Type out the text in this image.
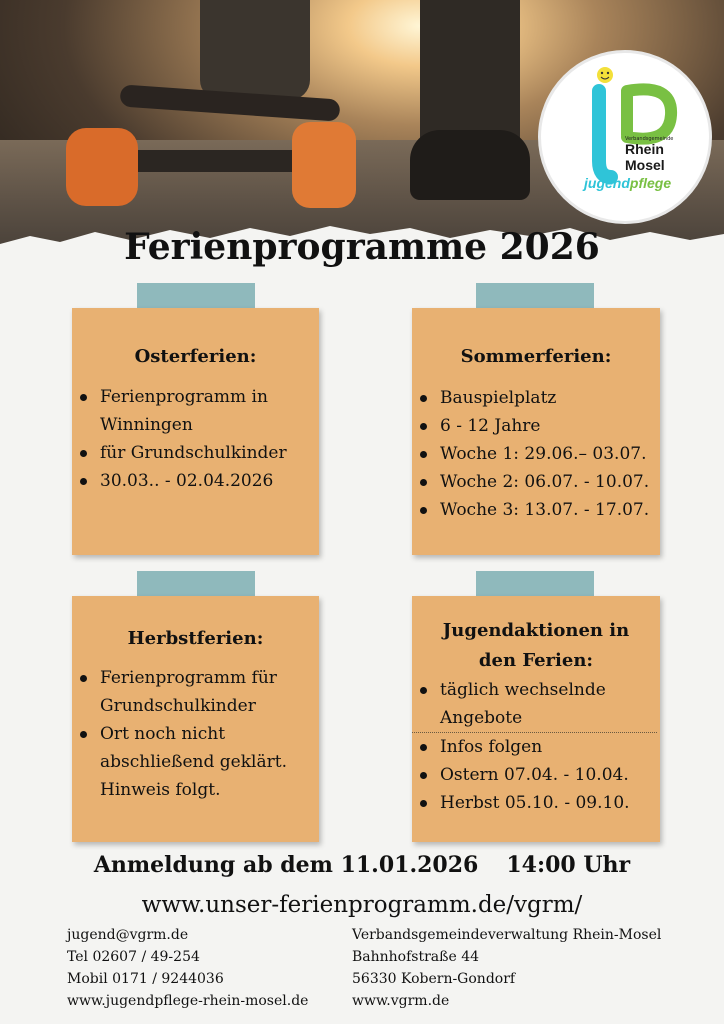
Verbandsgemeinde
Rhein
Mosel
jugendpflege
Ferienprogramme 2026
Osterferien:
Ferienprogramm in Winningen
für Grundschulkinder
30.03.. - 02.04.2026
Sommerferien:
Bauspielplatz
6 - 12 Jahre
Woche 1: 29.06.– 03.07.
Woche 2: 06.07. - 10.07.
Woche 3: 13.07. - 17.07.
Herbstferien:
Ferienprogramm für Grundschulkinder
Ort noch nicht abschließend geklärt. Hinweis folgt.
Jugendaktionen in den Ferien:
täglich wechselnde Angebote
Infos folgen
Ostern 07.04. - 10.04.
Herbst 05.10. - 09.10.
Anmeldung ab dem 11.01.2026 14:00 Uhr
www.unser-ferienprogramm.de/vgrm/
jugend@vgrm.de
Tel 02607 / 49-254
Mobil 0171 / 9244036
www.jugendpflege-rhein-mosel.de
Verbandsgemeindeverwaltung Rhein-Mosel
Bahnhofstraße 44
56330 Kobern-Gondorf
www.vgrm.de
